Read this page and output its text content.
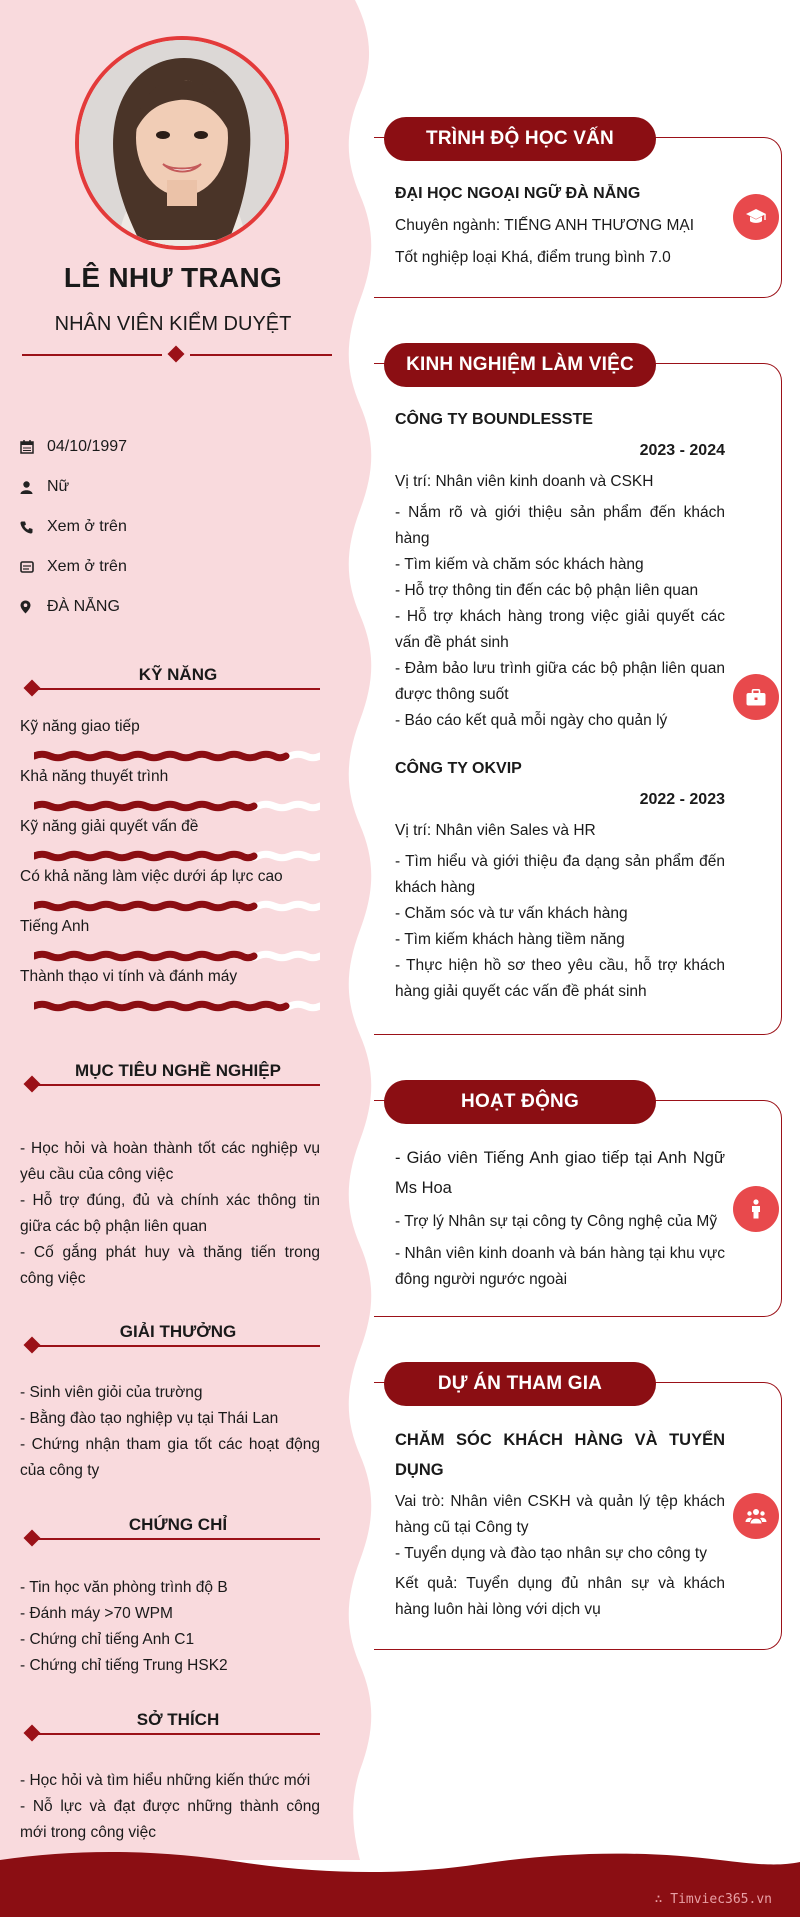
LÊ NHƯ TRANG
NHÂN VIÊN KIỂM DUYỆT
04/10/1997
Nữ
Xem ở trên
Xem ở trên
ĐÀ NẴNG
KỸ NĂNG
Kỹ năng giao tiếp
Khả năng thuyết trình
Kỹ năng giải quyết vấn đề
Có khả năng làm việc dưới áp lực cao
Tiếng Anh
Thành thạo vi tính và đánh máy
MỤC TIÊU NGHỀ NGHIỆP
- Học hỏi và hoàn thành tốt các nghiệp vụ yêu cầu của công việc
- Hỗ trợ đúng, đủ và chính xác thông tin giữa các bộ phận liên quan
- Cố gắng phát huy và thăng tiến trong công việc
GIẢI THƯỞNG
- Sinh viên giỏi của trường
- Bằng đào tạo nghiệp vụ tại Thái Lan
- Chứng nhận tham gia tốt các hoạt động của công ty
CHỨNG CHỈ
- Tin học văn phòng trình độ B
- Đánh máy >70 WPM
- Chứng chỉ tiếng Anh C1
- Chứng chỉ tiếng Trung HSK2
SỞ THÍCH
- Học hỏi và tìm hiểu những kiến thức mới
- Nỗ lực và đạt được những thành công mới trong công việc
TRÌNH ĐỘ HỌC VẤN
ĐẠI HỌC NGOẠI NGỮ ĐÀ NẴNG
Chuyên ngành: TIẾNG ANH THƯƠNG MẠI
Tốt nghiệp loại Khá, điểm trung bình 7.0
KINH NGHIỆM LÀM VIỆC
CÔNG TY BOUNDLESSTE
2023 - 2024
Vị trí: Nhân viên kinh doanh và CSKH
- Nắm rõ và giới thiệu sản phẩm đến khách hàng
- Tìm kiếm và chăm sóc khách hàng
- Hỗ trợ thông tin đến các bộ phận liên quan
- Hỗ trợ khách hàng trong việc giải quyết các vấn đề phát sinh
- Đảm bảo lưu trình giữa các bộ phận liên quan được thông suốt
- Báo cáo kết quả mỗi ngày cho quản lý
CÔNG TY OKVIP
2022 - 2023
Vị trí: Nhân viên Sales và HR
- Tìm hiểu và giới thiệu đa dạng sản phẩm đến khách hàng
- Chăm sóc và tư vấn khách hàng
- Tìm kiếm khách hàng tiềm năng
- Thực hiện hồ sơ theo yêu cầu, hỗ trợ khách hàng giải quyết các vấn đề phát sinh
HOẠT ĐỘNG
- Giáo viên Tiếng Anh giao tiếp tại Anh Ngữ Ms Hoa
- Trợ lý Nhân sự tại công ty Công nghệ của Mỹ
- Nhân viên kinh doanh và bán hàng tại khu vực đông người ngước ngoài
DỰ ÁN THAM GIA
CHĂM SÓC KHÁCH HÀNG VÀ TUYỂN DỤNG
Vai trò: Nhân viên CSKH và quản lý tệp khách hàng cũ tại Công ty
- Tuyển dụng và đào tạo nhân sự cho công ty
Kết quả: Tuyển dụng đủ nhân sự và khách hàng luôn hài lòng với dịch vụ
∴ Timviec365.vn
